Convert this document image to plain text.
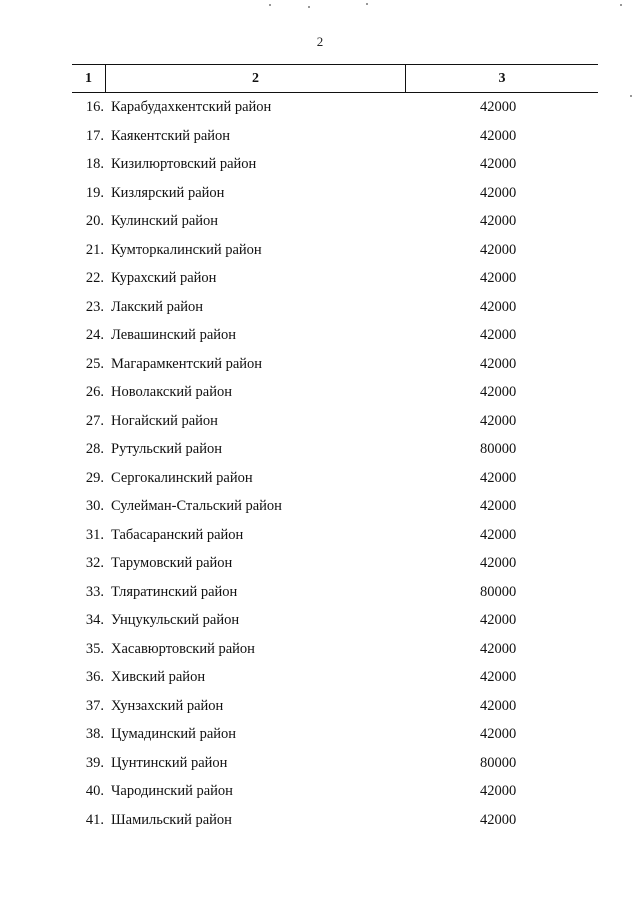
2
1	2	3
16. Карабудахкентский район	42000
17. Каякентский район	42000
18. Кизилюртовский район	42000
19. Кизлярский район	42000
20. Кулинский район	42000
21. Кумторкалинский район	42000
22. Курахский район	42000
23. Лакский район	42000
24. Левашинский район	42000
25. Магарамкентский район	42000
26. Новолакский район	42000
27. Ногайский район	42000
28. Рутульский район	80000
29. Сергокалинский район	42000
30. Сулейман-Стальский район	42000
31. Табасаранский район	42000
32. Тарумовский район	42000
33. Тляратинский район	80000
34. Унцукульский район	42000
35. Хасавюртовский район	42000
36. Хивский район	42000
37. Хунзахский район	42000
38. Цумадинский район	42000
39. Цунтинский район	80000
40. Чародинский район	42000
41. Шамильский район	42000
